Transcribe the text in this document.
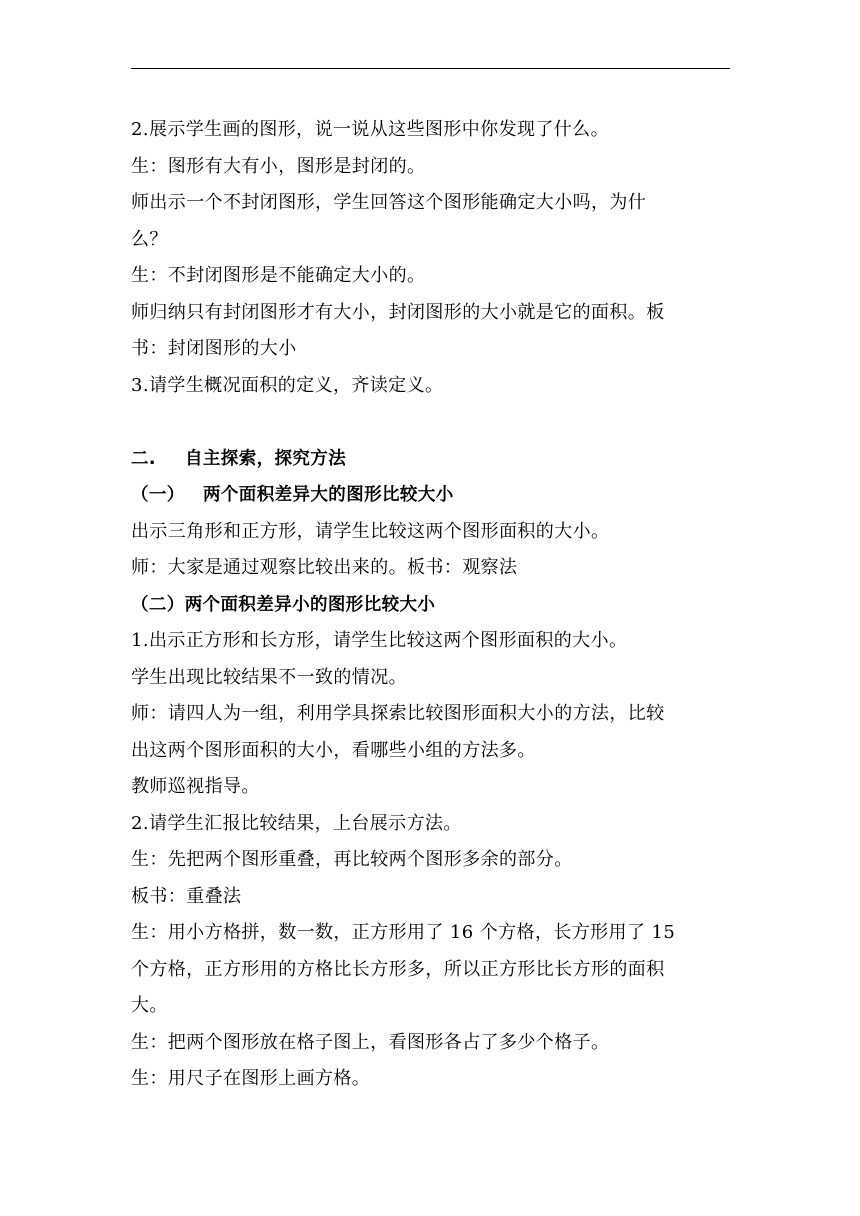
2.展示学生画的图形，说一说从这些图形中你发现了什么。
生：图形有大有小，图形是封闭的。
师出示一个不封闭图形，学生回答这个图形能确定大小吗，为什
么？
生：不封闭图形是不能确定大小的。
师归纳只有封闭图形才有大小，封闭图形的大小就是它的面积。板
书：封闭图形的大小
3.请学生概况面积的定义，齐读定义。
二. 自主探索，探究方法
（一） 两个面积差异大的图形比较大小
出示三角形和正方形，请学生比较这两个图形面积的大小。
师：大家是通过观察比较出来的。板书：观察法
（二）两个面积差异小的图形比较大小
1.出示正方形和长方形，请学生比较这两个图形面积的大小。
学生出现比较结果不一致的情况。
师：请四人为一组，利用学具探索比较图形面积大小的方法，比较
出这两个图形面积的大小，看哪些小组的方法多。
教师巡视指导。
2.请学生汇报比较结果，上台展示方法。
生：先把两个图形重叠，再比较两个图形多余的部分。
板书：重叠法
生：用小方格拼，数一数，正方形用了 16 个方格，长方形用了 15
个方格，正方形用的方格比长方形多，所以正方形比长方形的面积
大。
生：把两个图形放在格子图上，看图形各占了多少个格子。
生：用尺子在图形上画方格。
